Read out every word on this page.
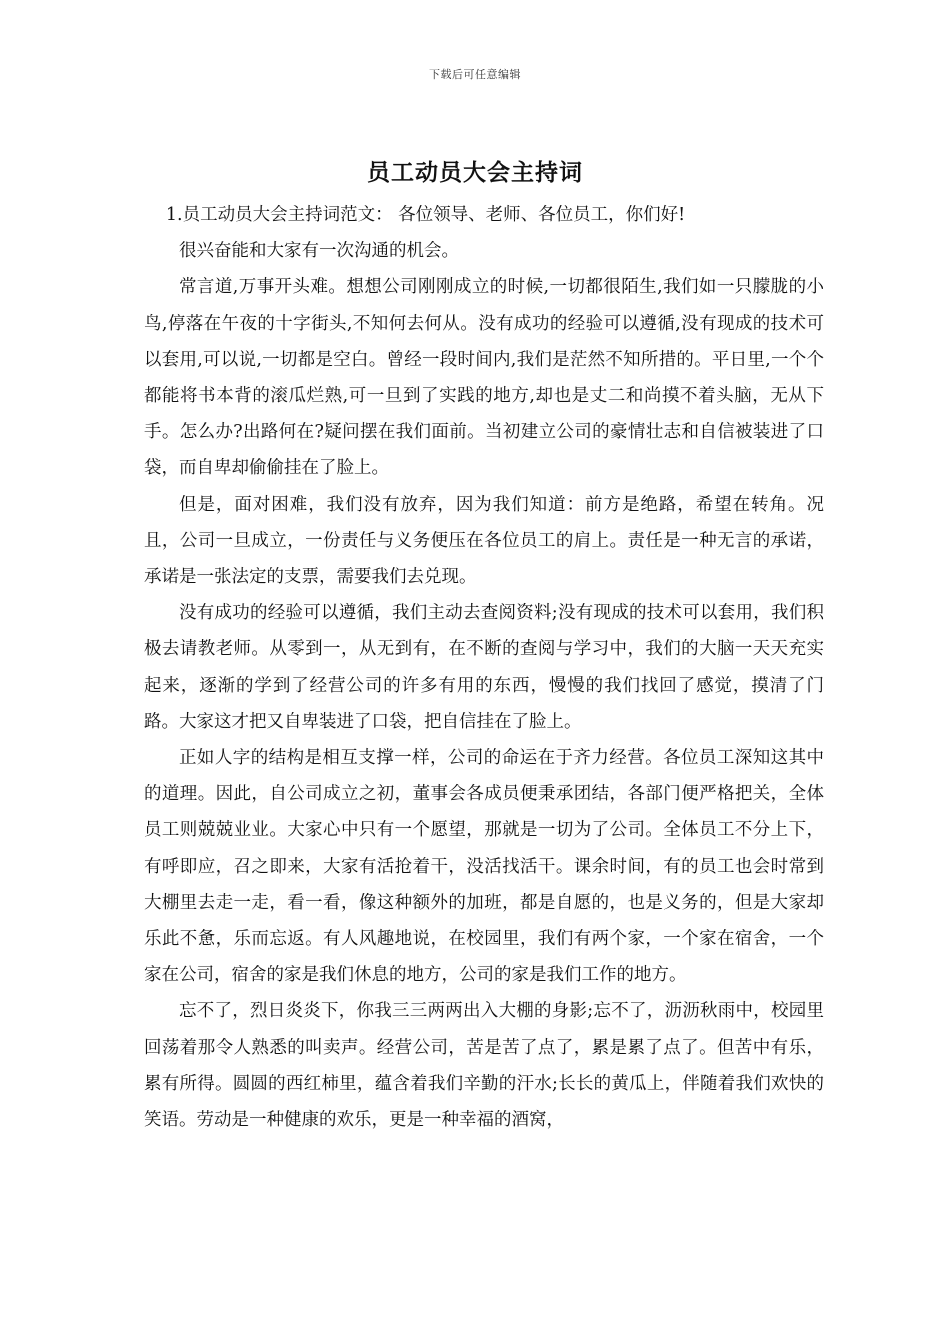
下载后可任意编辑
员工动员大会主持词

1.员工动员大会主持词范文： 各位领导、老师、各位员工，你们好!

很兴奋能和大家有一次沟通的机会。

常言道,万事开头难。想想公司刚刚成立的时候,一切都很陌生,我们如一只朦胧的小鸟,停落在午夜的十字街头,不知何去何从。没有成功的经验可以遵循,没有现成的技术可以套用,可以说,一切都是空白。曾经一段时间内,我们是茫然不知所措的。平日里,一个个都能将书本背的滚瓜烂熟,可一旦到了实践的地方,却也是丈二和尚摸不着头脑，无从下手。怎么办?出路何在?疑问摆在我们面前。当初建立公司的豪情壮志和自信被装进了口袋，而自卑却偷偷挂在了脸上。

但是，面对困难，我们没有放弃，因为我们知道：前方是绝路，希望在转角。况且，公司一旦成立，一份责任与义务便压在各位员工的肩上。责任是一种无言的承诺，承诺是一张法定的支票，需要我们去兑现。

没有成功的经验可以遵循，我们主动去查阅资料;没有现成的技术可以套用，我们积极去请教老师。从零到一，从无到有，在不断的查阅与学习中，我们的大脑一天天充实起来，逐渐的学到了经营公司的许多有用的东西，慢慢的我们找回了感觉，摸清了门路。大家这才把又自卑装进了口袋，把自信挂在了脸上。

正如人字的结构是相互支撑一样，公司的命运在于齐力经营。各位员工深知这其中的道理。因此，自公司成立之初，董事会各成员便秉承团结，各部门便严格把关，全体员工则兢兢业业。大家心中只有一个愿望，那就是一切为了公司。全体员工不分上下，有呼即应，召之即来，大家有活抢着干，没活找活干。课余时间，有的员工也会时常到大棚里去走一走，看一看，像这种额外的加班，都是自愿的，也是义务的，但是大家却乐此不惫，乐而忘返。有人风趣地说，在校园里，我们有两个家，一个家在宿舍，一个家在公司，宿舍的家是我们休息的地方，公司的家是我们工作的地方。

忘不了，烈日炎炎下，你我三三两两出入大棚的身影;忘不了，沥沥秋雨中，校园里回荡着那令人熟悉的叫卖声。经营公司，苦是苦了点了，累是累了点了。但苦中有乐，累有所得。圆圆的西红柿里，蕴含着我们辛勤的汗水;长长的黄瓜上，伴随着我们欢快的笑语。劳动是一种健康的欢乐，更是一种幸福的酒窝，
